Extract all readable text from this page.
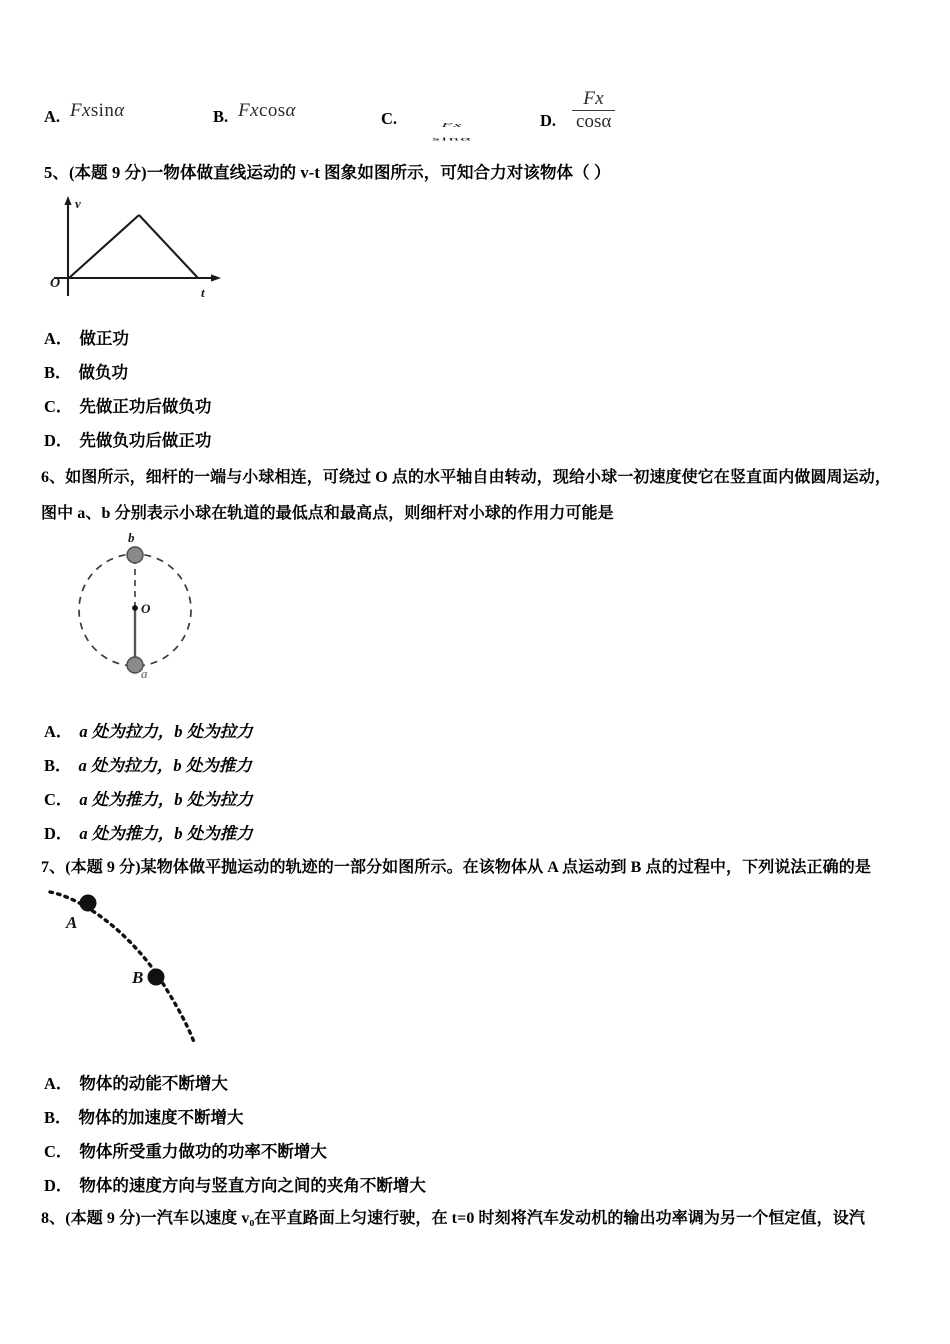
A. Fxsinα	B. Fxcosα	C. Fx
sinα
D. $\frac{Fx}{\cos\alpha}$
5、(本题 9 分)一物体做直线运动的 v-t 图象如图所示，可知合力对该物体（ ）
v
O
t
A． 做正功
B． 做负功
C． 先做正功后做负功
D． 先做负功后做正功
6、如图所示，细杆的一端与小球相连，可绕过 O 点的水平轴自由转动，现给小球一初速度使它在竖直面内做圆周运动，
图中 a、b 分别表示小球在轨道的最低点和最高点，则细杆对小球的作用力可能是
O
b
a
A． a 处为拉力，b 处为拉力
B． a 处为拉力，b 处为推力
C． a 处为推力，b 处为拉力
D． a 处为推力，b 处为推力
7、(本题 9 分)某物体做平抛运动的轨迹的一部分如图所示。在该物体从 A 点运动到 B 点的过程中，下列说法正确的是
A
B
A． 物体的动能不断增大
B． 物体的加速度不断增大
C． 物体所受重力做功的功率不断增大
D． 物体的速度方向与竖直方向之间的夹角不断增大
8、(本题 9 分)一汽车以速度 v₀在平直路面上匀速行驶，在 t=0 时刻将汽车发动机的输出功率调为另一个恒定值，设汽
